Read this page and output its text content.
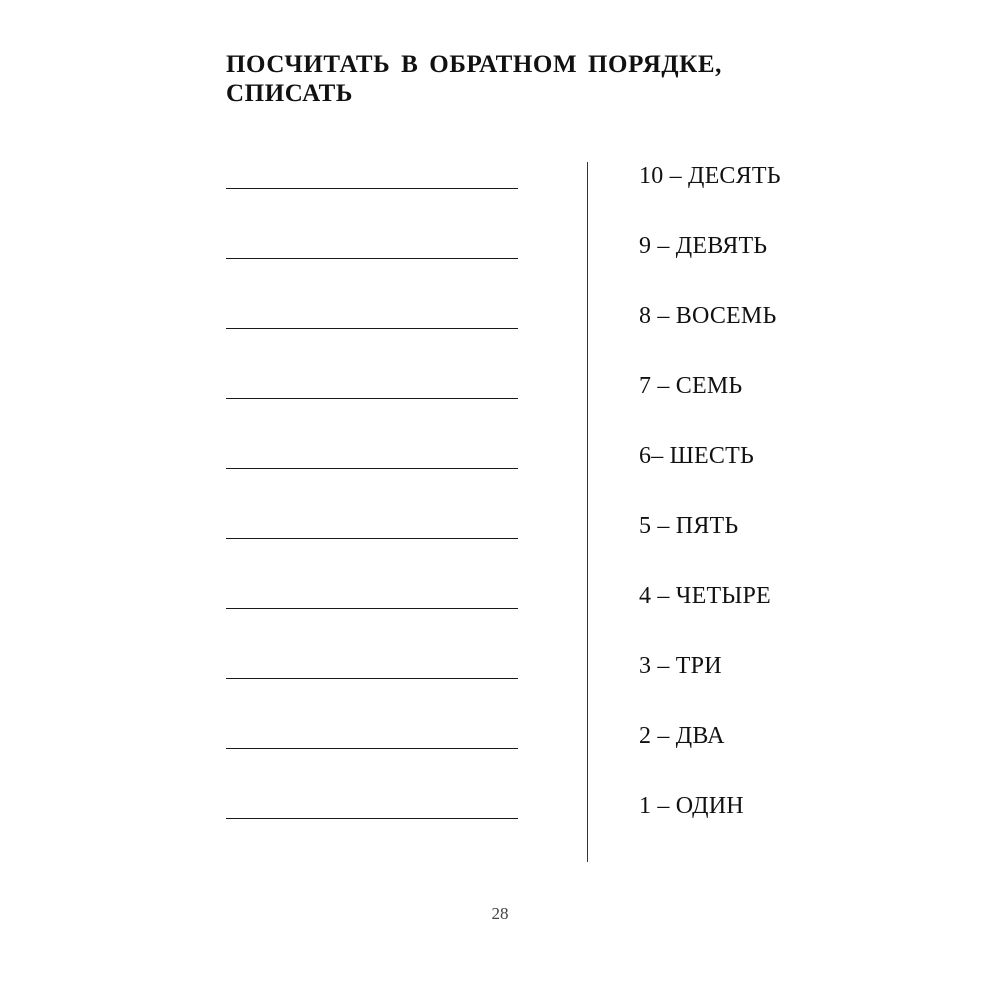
ПОСЧИТАТЬ В ОБРАТНОМ ПОРЯДКЕ,
СПИСАТЬ
10 – ДЕСЯТЬ
9 – ДЕВЯТЬ
8 – ВОСЕМЬ
7 – СЕМЬ
6– ШЕСТЬ
5 – ПЯТЬ
4 – ЧЕТЫРЕ
3 – ТРИ
2 – ДВА
1 – ОДИН
28
